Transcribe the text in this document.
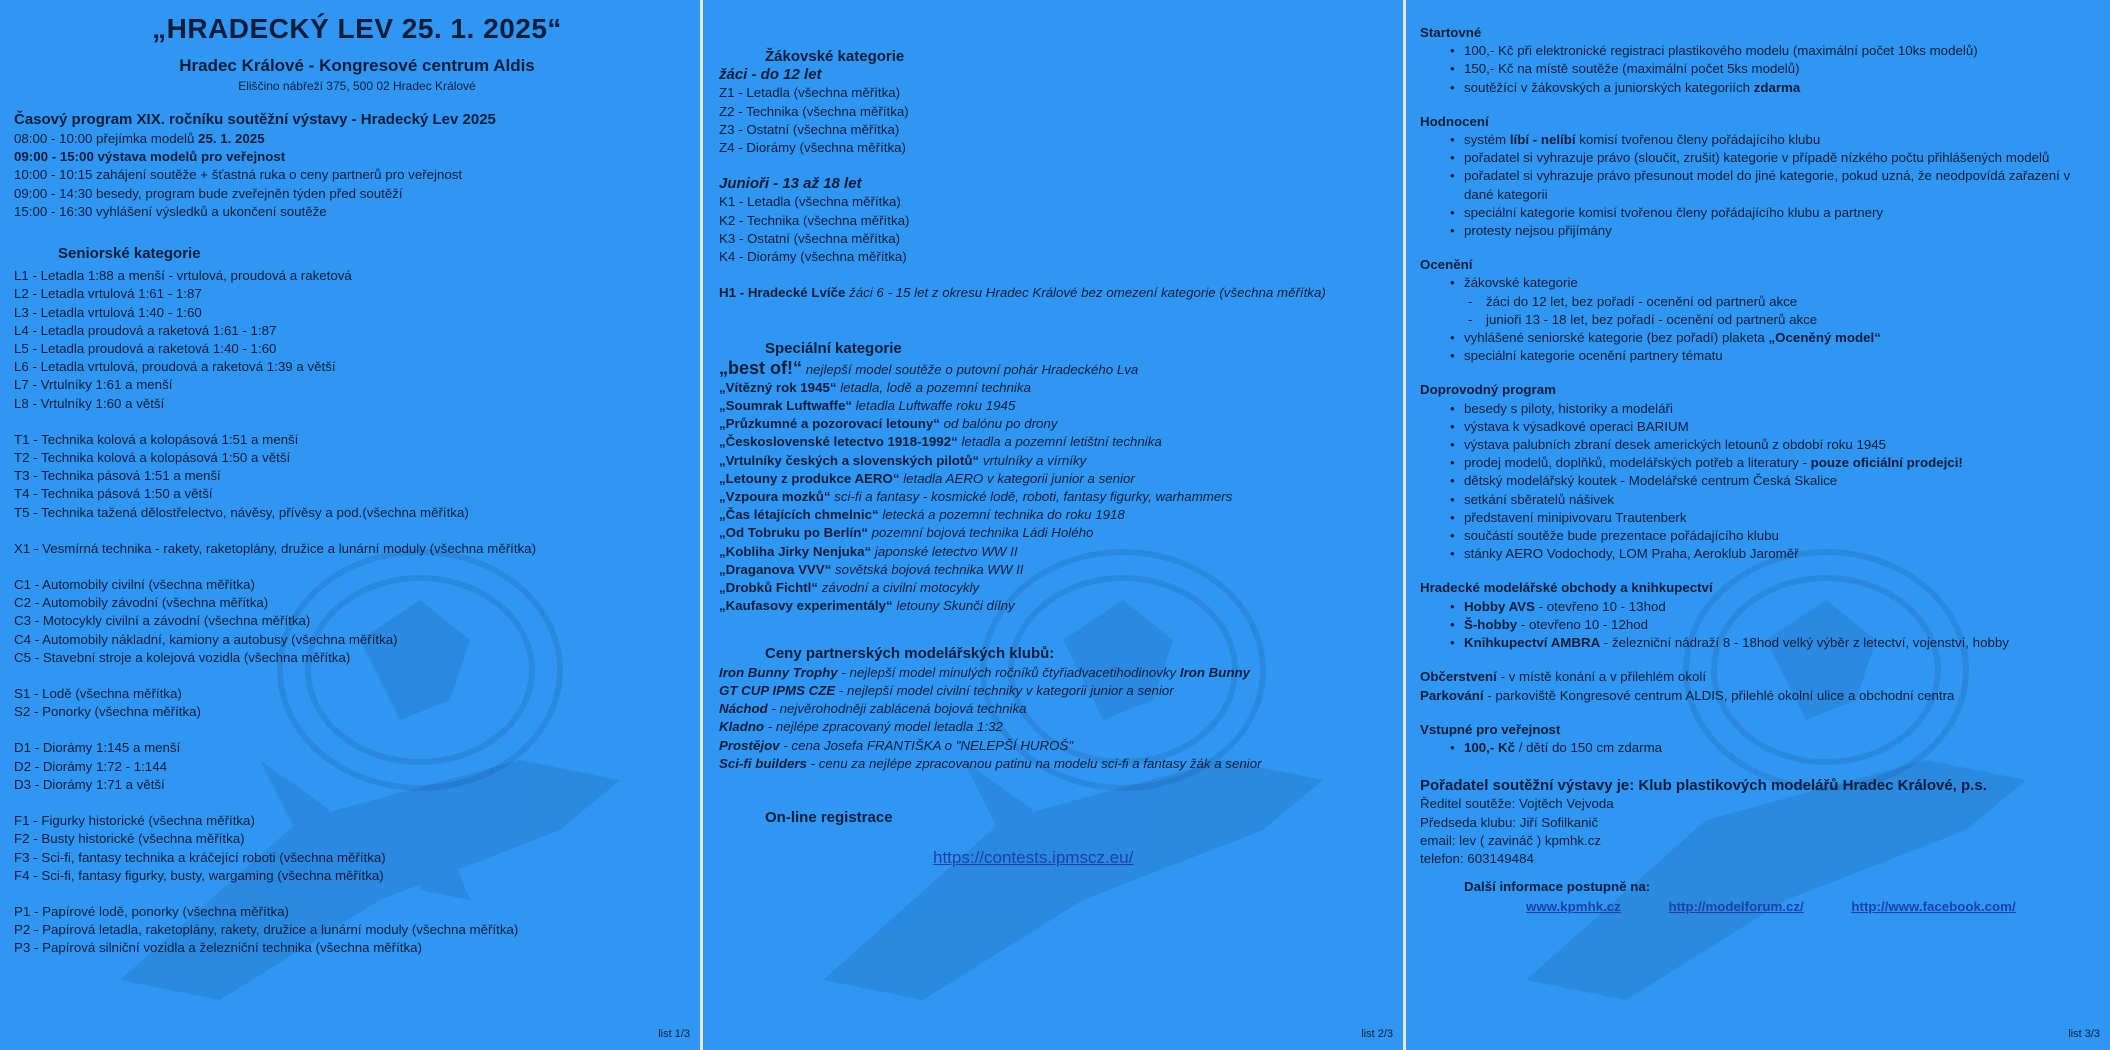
„HRADECKÝ LEV 25. 1. 2025“
Hradec Králové - Kongresové centrum Aldis
Eliščino nábřeží 375, 500 02 Hradec Králové
Časový program XIX. ročníku soutěžní výstavy - Hradecký Lev 2025
08:00 - 10:00 přejímka modelů 25. 1. 2025
09:00 - 15:00 výstava modelů pro veřejnost
10:00 - 10:15 zahájení soutěže + šťastná ruka o ceny partnerů pro veřejnost
09:00 - 14:30 besedy, program bude zveřejněn týden před soutěží
15:00 - 16:30 vyhlášení výsledků a ukončení soutěže
Seniorské kategorie
L1 - Letadla 1:88 a menší - vrtulová, proudová a raketová
L2 - Letadla vrtulová 1:61 - 1:87
L3 - Letadla vrtulová 1:40 - 1:60
L4 - Letadla proudová a raketová 1:61 - 1:87
L5 - Letadla proudová a raketová 1:40 - 1:60
L6 - Letadla vrtulová, proudová a raketová 1:39 a větší
L7 - Vrtulníky 1:61 a menší
L8 - Vrtulníky 1:60 a větší
T1 - Technika kolová a kolopásová 1:51 a menší
T2 - Technika kolová a kolopásová 1:50 a větší
T3 - Technika pásová 1:51 a menší
T4 - Technika pásová 1:50 a větší
T5 - Technika tažená dělostřelectvo, návěsy, přívěsy a pod.(všechna měřítka)
X1 - Vesmírná technika - rakety, raketoplány, družice a lunární moduly (všechna měřítka)
C1 - Automobily civilní (všechna měřítka)
C2 - Automobily závodní (všechna měřítka)
C3 - Motocykly civilní a závodní (všechna měřítka)
C4 - Automobily nákladní, kamiony a autobusy (všechna měřítka)
C5 - Stavební stroje a kolejová vozidla (všechna měřítka)
S1 - Lodě (všechna měřítka)
S2 - Ponorky (všechna měřítka)
D1 - Diorámy 1:145 a menší
D2 - Diorámy 1:72 - 1:144
D3 - Diorámy 1:71 a větší
F1 - Figurky historické (všechna měřítka)
F2 - Busty historické (všechna měřítka)
F3 - Sci-fi, fantasy technika a kráčející roboti (všechna měřítka)
F4 - Sci-fi, fantasy figurky, busty, wargaming (všechna měřítka)
P1 - Papírové lodě, ponorky (všechna měřítka)
P2 - Papírová letadla, raketoplány, rakety, družice a lunární moduly (všechna měřítka)
P3 - Papírová silniční vozidla a železniční technika (všechna měřítka)
list 1/3
Žákovské kategorie
žáci - do 12 let
Z1 - Letadla (všechna měřítka)
Z2 - Technika (všechna měřítka)
Z3 - Ostatní (všechna měřítka)
Z4 - Diorámy (všechna měřítka)
Junioři - 13 až 18 let
K1 - Letadla (všechna měřítka)
K2 - Technika (všechna měřítka)
K3 - Ostatní (všechna měřítka)
K4 - Diorámy (všechna měřítka)
H1 - Hradecké Lvíče žáci 6 - 15 let z okresu Hradec Králové bez omezení kategorie (všechna měřítka)
Speciální kategorie
„best of!“ nejlepší model soutěže o putovní pohár Hradeckého Lva
„Vítězný rok 1945“ letadla, lodě a pozemní technika
„Soumrak Luftwaffe“ letadla Luftwaffe roku 1945
„Průzkumné a pozorovací letouny“ od balónu po drony
„Československé letectvo 1918-1992“ letadla a pozemní letištní technika
„Vrtulníky českých a slovenských pilotů“ vrtulníky a vírníky
„Letouny z produkce AERO“ letadla AERO v kategorii junior a senior
„Vzpoura mozků“ sci-fi a fantasy - kosmické lodě, roboti, fantasy figurky, warhammers
„Čas létajících chmelnic“ letecká a pozemní technika do roku 1918
„Od Tobruku po Berlín“ pozemní bojová technika Ládi Holého
„Kobliha Jirky Nenjuka“ japonské letectvo WW II
„Draganova VVV“ sovětská bojová technika WW II
„Drobků Fichtl“ závodní a civilní motocykly
„Kaufasovy experimentály“ letouny Skunči dílny
Ceny partnerských modelářských klubů:
Iron Bunny Trophy - nejlepší model minulých ročníků čtyřiadvacetihodinovky Iron Bunny
GT CUP IPMS CZE - nejlepší model civilní techniky v kategorii junior a senior
Náchod - nejvěrohodněji zablácená bojová technika
Kladno - nejlépe zpracovaný model letadla 1:32
Prostějov - cena Josefa FRANTIŠKA o "NELEPŠÍ HUROŠ"
Sci-fi builders - cenu za nejlépe zpracovanou patinu na modelu sci-fi a fantasy žák a senior
On-line registrace
https://contests.ipmscz.eu/
list 2/3
Startovné
• 100,- Kč při elektronické registraci plastikového modelu (maximální počet 10ks modelů)
• 150,- Kč na místě soutěže (maximální počet 5ks modelů)
• soutěžící v žákovských a juniorských kategoriích zdarma
Hodnocení
• systém líbí - nelíbí komisí tvořenou členy pořádajícího klubu
• pořadatel si vyhrazuje právo (sloučit, zrušit) kategorie v případě nízkého počtu přihlášených modelů
• pořadatel si vyhrazuje právo přesunout model do jiné kategorie, pokud uzná, že neodpovídá zařazení v dané kategorii
• speciální kategorie komisí tvořenou členy pořádajícího klubu a partnery
• protesty nejsou přijímány
Ocenění
• žákovské kategorie
- žáci do 12 let, bez pořadí - ocenění od partnerů akce
- junioři 13 - 18 let, bez pořadí - ocenění od partnerů akce
• vyhlášené seniorské kategorie (bez pořadí) plaketa „Oceněný model“
• speciální kategorie ocenění partnery tématu
Doprovodný program
• besedy s piloty, historiky a modeláři
• výstava k výsadkové operaci BARIUM
• výstava palubních zbraní desek amerických letounů z období roku 1945
• prodej modelů, doplňků, modelářských potřeb a literatury - pouze oficiální prodejci!
• dětský modelářský koutek - Modelářské centrum Česká Skalice
• setkání sběratelů nášivek
• představení minipivovaru Trautenberk
• součástí soutěže bude prezentace pořádajícího klubu
• stánky AERO Vodochody, LOM Praha, Aeroklub Jaroměř
Hradecké modelářské obchody a knihkupectví
• Hobby AVS - otevřeno 10 - 13hod
• Š-hobby - otevřeno 10 - 12hod
• Knihkupectví AMBRA - železniční nádraží 8 - 18hod velký výběr z letectví, vojenství, hobby
Občerstvení - v místě konání a v přilehlém okolí
Parkování - parkoviště Kongresové centrum ALDIS, přilehlé okolní ulice a obchodní centra
Vstupné pro veřejnost
• 100,- Kč / dětí do 150 cm zdarma
Pořadatel soutěžní výstavy je: Klub plastikových modelářů Hradec Králové, p.s.
Ředitel soutěže: Vojtěch Vejvoda
Předseda klubu: Jiří Sofilkanič
email: lev ( zavináč ) kpmhk.cz
telefon: 603149484
Další informace postupně na:
www.kpmhk.cz	http://modelforum.cz/	http://www.facebook.com/
list 3/3
